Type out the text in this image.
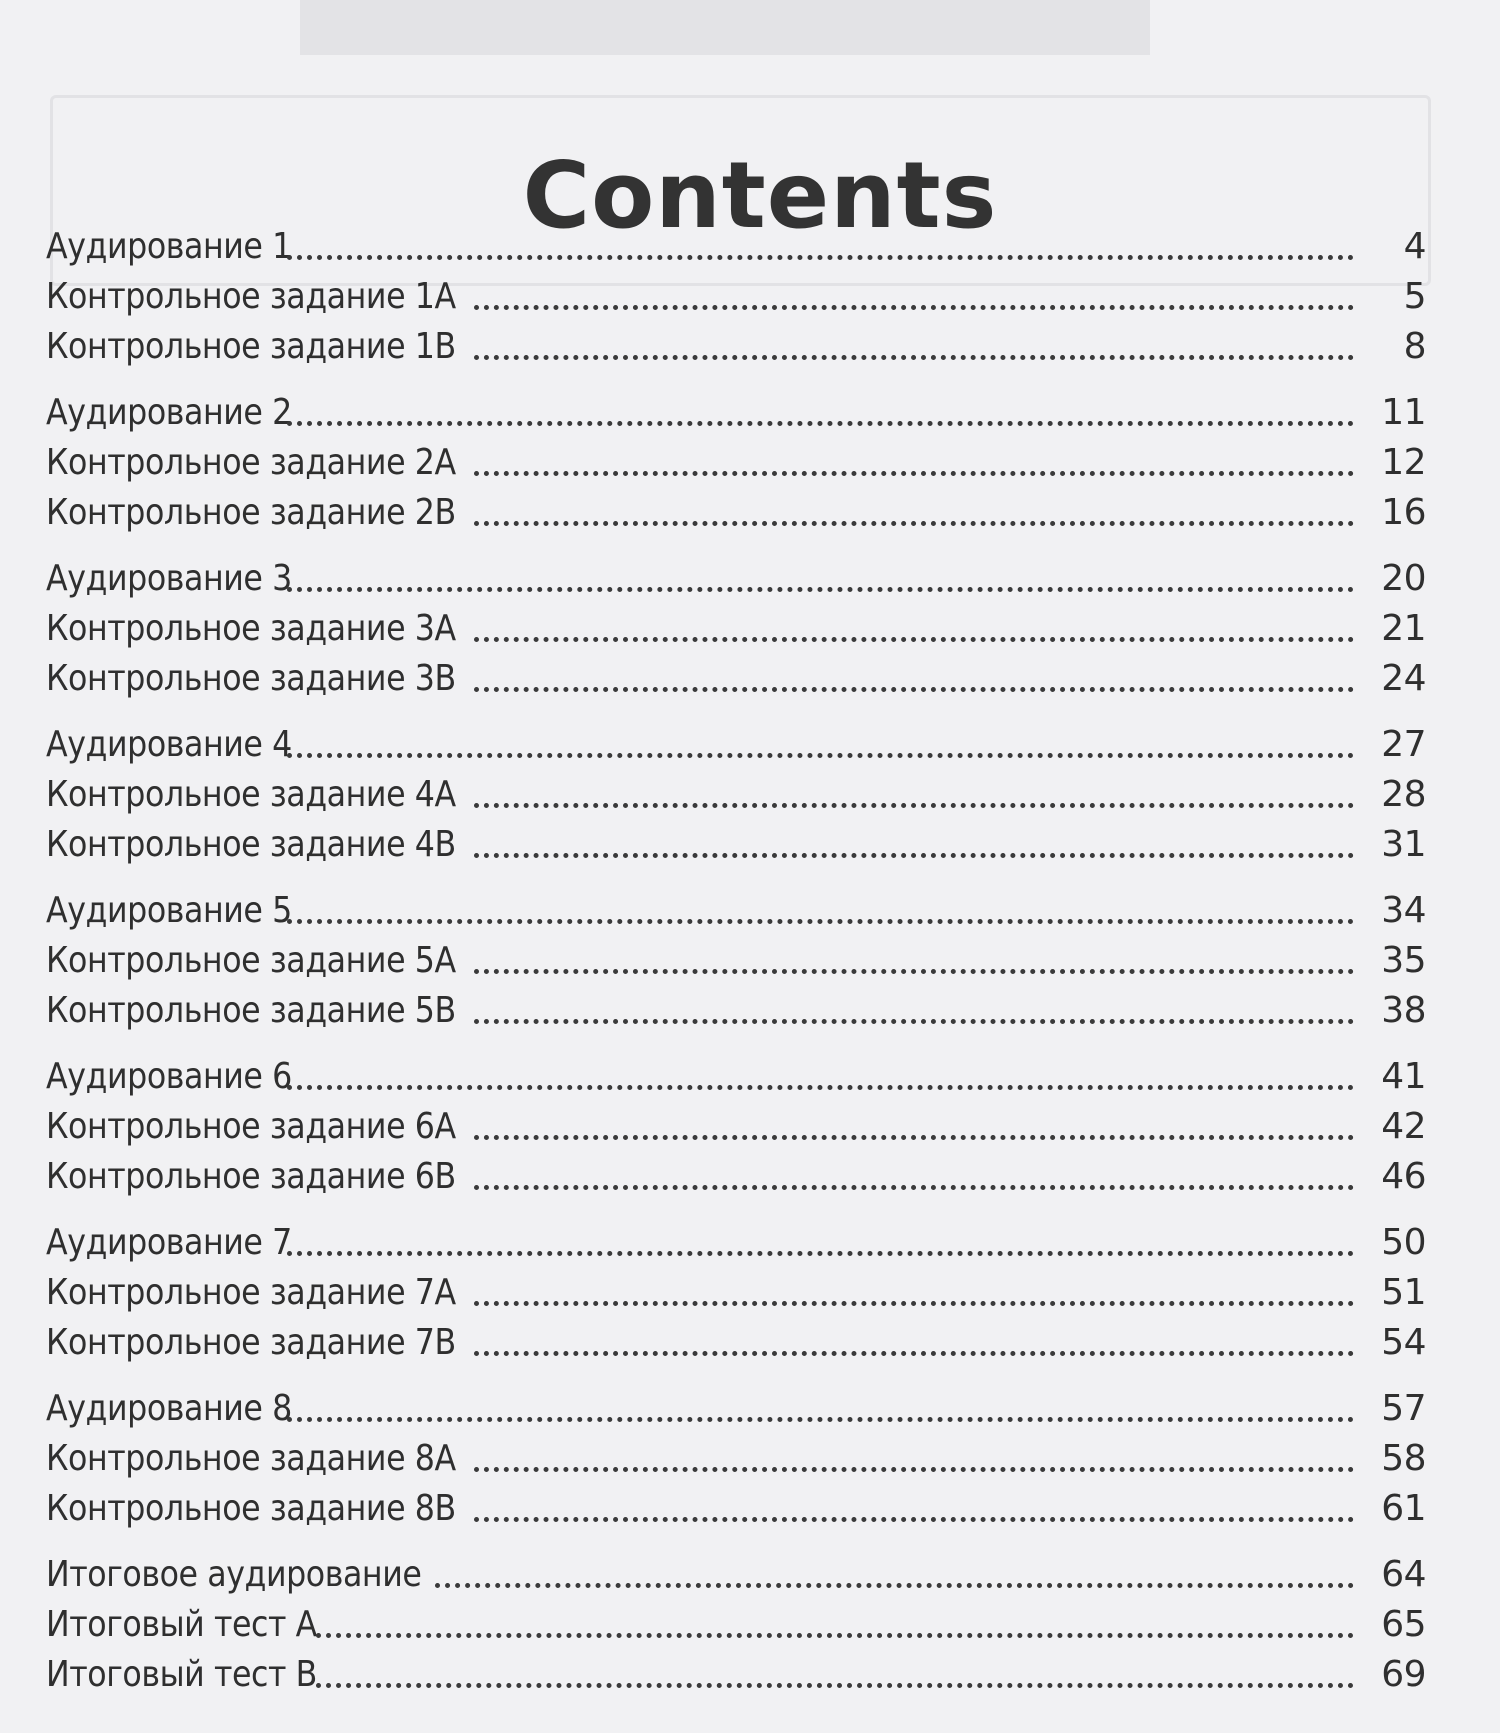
Contents
Аудирование 1	4
Контрольное задание 1А	5
Контрольное задание 1В	8
Аудирование 2	11
Контрольное задание 2А	12
Контрольное задание 2В	16
Аудирование 3	20
Контрольное задание 3А	21
Контрольное задание 3В	24
Аудирование 4	27
Контрольное задание 4А	28
Контрольное задание 4В	31
Аудирование 5	34
Контрольное задание 5А	35
Контрольное задание 5В	38
Аудирование 6	41
Контрольное задание 6А	42
Контрольное задание 6В	46
Аудирование 7	50
Контрольное задание 7А	51
Контрольное задание 7В	54
Аудирование 8	57
Контрольное задание 8А	58
Контрольное задание 8В	61
Итоговое аудирование	64
Итоговый тест А	65
Итоговый тест В	69
